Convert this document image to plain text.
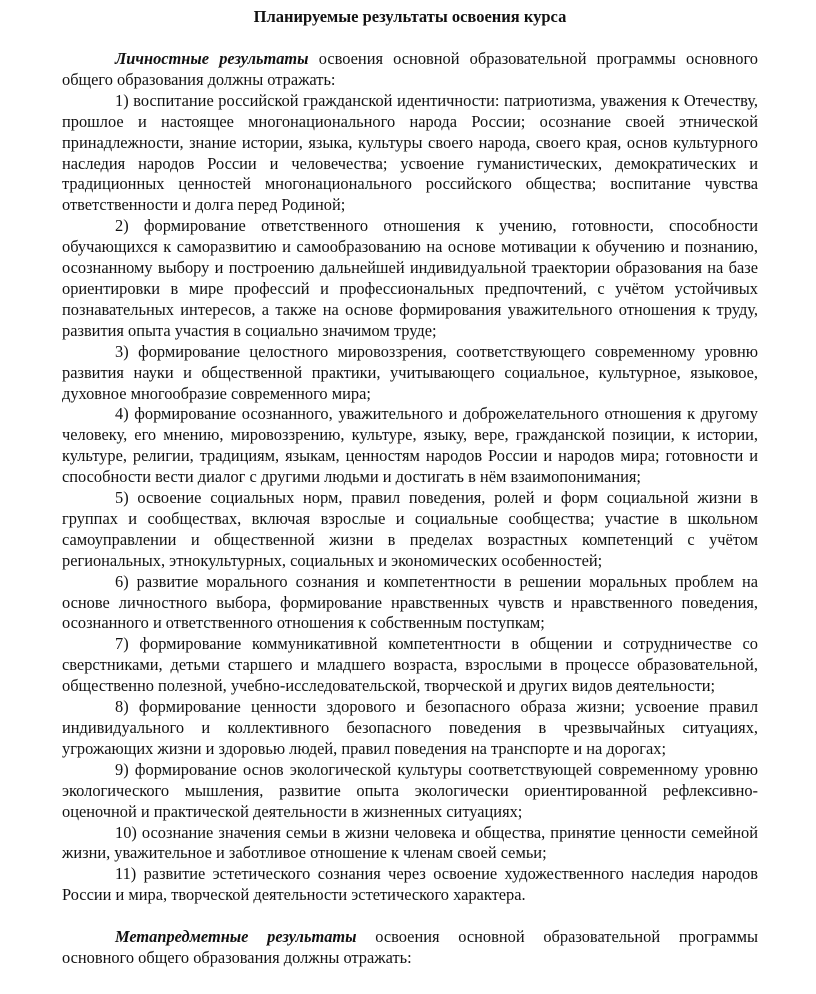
Планируемые результаты освоения курса

Личностные результаты освоения основной образовательной программы основного общего образования должны отражать:

1) воспитание российской гражданской идентичности: патриотизма, уважения к Отечеству, прошлое и настоящее многонационального народа России; осознание своей этнической принадлежности, знание истории, языка, культуры своего народа, своего края, основ культурного наследия народов России и человечества; усвоение гуманистических, демократических и традиционных ценностей многонационального российского общества; воспитание чувства ответственности и долга перед Родиной;

2) формирование ответственного отношения к учению, готовности, способности обучающихся к саморазвитию и самообразованию на основе мотивации к обучению и познанию, осознанному выбору и построению дальнейшей индивидуальной траектории образования на базе ориентировки в мире профессий и профессиональных предпочтений, с учётом устойчивых познавательных интересов, а также на основе формирования уважительного отношения к труду, развития опыта участия в социально значимом труде;

3) формирование целостного мировоззрения, соответствующего современному уровню развития науки и общественной практики, учитывающего социальное, культурное, языковое, духовное многообразие современного мира;

4) формирование осознанного, уважительного и доброжелательного отношения к другому человеку, его мнению, мировоззрению, культуре, языку, вере, гражданской позиции, к истории, культуре, религии, традициям, языкам, ценностям народов России и народов мира; готовности и способности вести диалог с другими людьми и достигать в нём взаимопонимания;

5) освоение социальных норм, правил поведения, ролей и форм социальной жизни в группах и сообществах, включая взрослые и социальные сообщества; участие в школьном самоуправлении и общественной жизни в пределах возрастных компетенций с учётом региональных, этнокультурных, социальных и экономических особенностей;

6) развитие морального сознания и компетентности в решении моральных проблем на основе личностного выбора, формирование нравственных чувств и нравственного поведения, осознанного и ответственного отношения к собственным поступкам;

7) формирование коммуникативной компетентности в общении и сотрудничестве со сверстниками, детьми старшего и младшего возраста, взрослыми в процессе образовательной, общественно полезной, учебно-исследовательской, творческой и других видов деятельности;

8) формирование ценности здорового и безопасного образа жизни; усвоение правил индивидуального и коллективного безопасного поведения в чрезвычайных ситуациях, угрожающих жизни и здоровью людей, правил поведения на транспорте и на дорогах;

9) формирование основ экологической культуры соответствующей современному уровню экологического мышления, развитие опыта экологически ориентированной рефлексивно-оценочной и практической деятельности в жизненных ситуациях;

10) осознание значения семьи в жизни человека и общества, принятие ценности семейной жизни, уважительное и заботливое отношение к членам своей семьи;

11) развитие эстетического сознания через освоение художественного наследия народов России и мира, творческой деятельности эстетического характера.

Метапредметные результаты освоения основной образовательной программы основного общего образования должны отражать:
